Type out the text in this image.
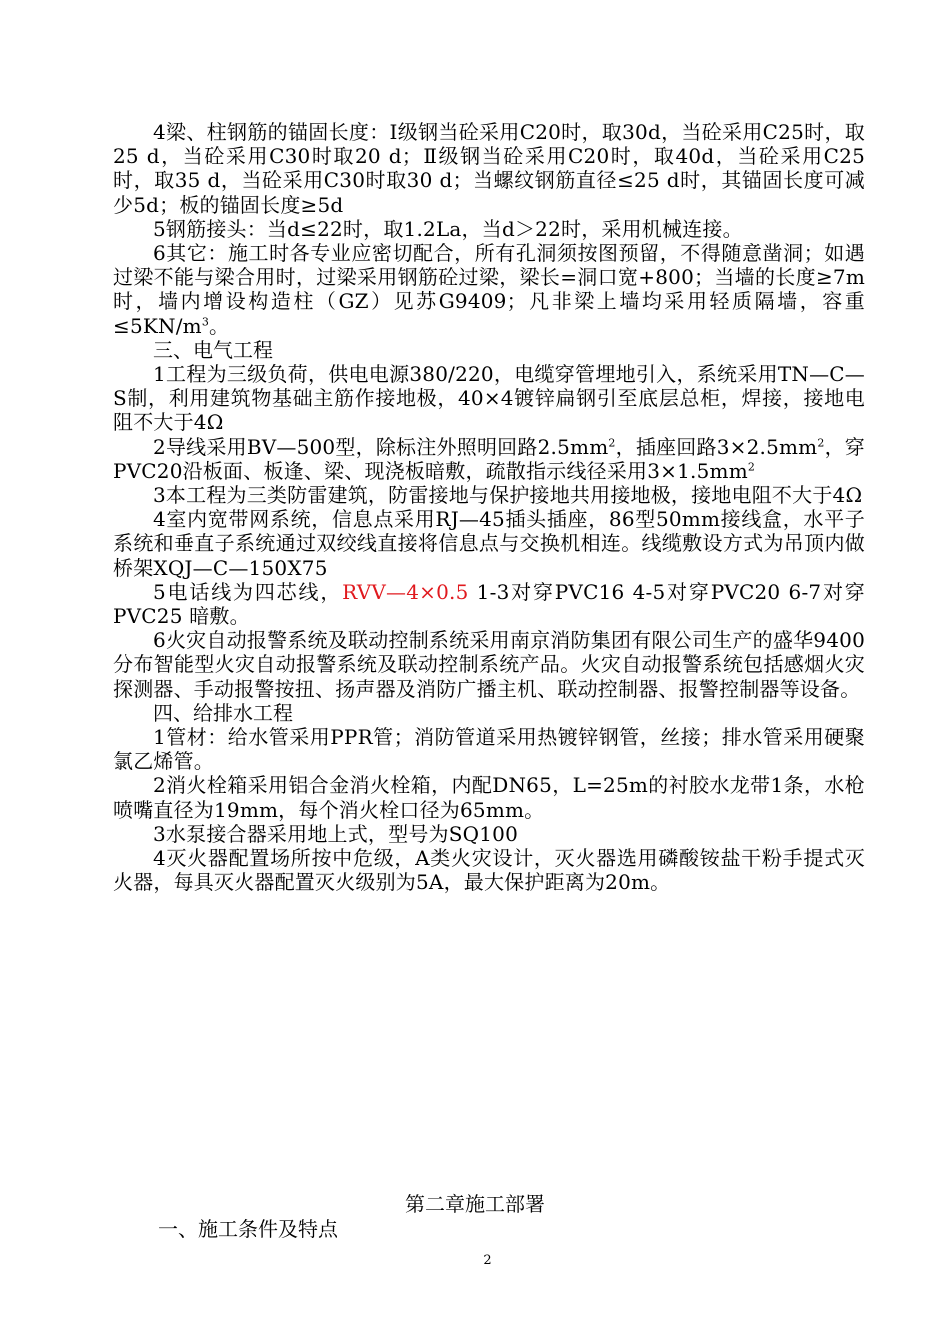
4梁、柱钢筋的锚固长度：Ⅰ级钢当砼采用C20时，取30d，当砼采用C25时，取25 d，当砼采用C30时取20 d；Ⅱ级钢当砼采用C20时，取40d，当砼采用C25时，取35 d，当砼采用C30时取30 d；当螺纹钢筋直径≤25 d时，其锚固长度可减少5d；板的锚固长度≥5d

5钢筋接头：当d≤22时，取1.2La，当d＞22时，采用机械连接。

6其它：施工时各专业应密切配合，所有孔洞须按图预留，不得随意凿洞；如遇过梁不能与梁合用时，过梁采用钢筋砼过梁，梁长=洞口宽+800；当墙的长度≥7m时，墙内增设构造柱（GZ）见苏G9409；凡非梁上墙均采用轻质隔墙，容重$\le 5KN/m^3$。

三、电气工程

1工程为三级负荷，供电电源380/220，电缆穿管埋地引入，系统采用TN—C—S制，利用建筑物基础主筋作接地极，40×4镀锌扁钢引至底层总柜，焊接，接地电阻不大于4Ω

2导线采用BV—500型，除标注外照明回路$2.5mm^2$，插座回路$3\times 2.5mm^2$，穿PVC20沿板面、板逢、梁、现浇板暗敷，疏散指示线径采用$3\times 1.5mm^2$

3本工程为三类防雷建筑，防雷接地与保护接地共用接地极，接地电阻不大于4Ω

4室内宽带网系统，信息点采用RJ—45插头插座，86型50mm接线盒，水平子系统和垂直子系统通过双绞线直接将信息点与交换机相连。线缆敷设方式为吊顶内做桥架XQJ—C—150X75

5电话线为四芯线，RVV—4×0.5 1-3对穿PVC16 4-5对穿PVC20 6-7对穿PVC25 暗敷。

6火灾自动报警系统及联动控制系统采用南京消防集团有限公司生产的盛华9400分布智能型火灾自动报警系统及联动控制系统产品。火灾自动报警系统包括感烟火灾探测器、手动报警按扭、扬声器及消防广播主机、联动控制器、报警控制器等设备。

四、给排水工程

1管材：给水管采用PPR管；消防管道采用热镀锌钢管，丝接；排水管采用硬聚氯乙烯管。

2消火栓箱采用铝合金消火栓箱，内配DN65，L=25m的衬胶水龙带1条，水枪喷嘴直径为19mm，每个消火栓口径为65mm。

3水泵接合器采用地上式，型号为SQ100

4灭火器配置场所按中危级，A类火灾设计，灭火器选用磷酸铵盐干粉手提式灭火器，每具灭火器配置灭火级别为5A，最大保护距离为20m。

第二章施工部署
一、施工条件及特点
2
